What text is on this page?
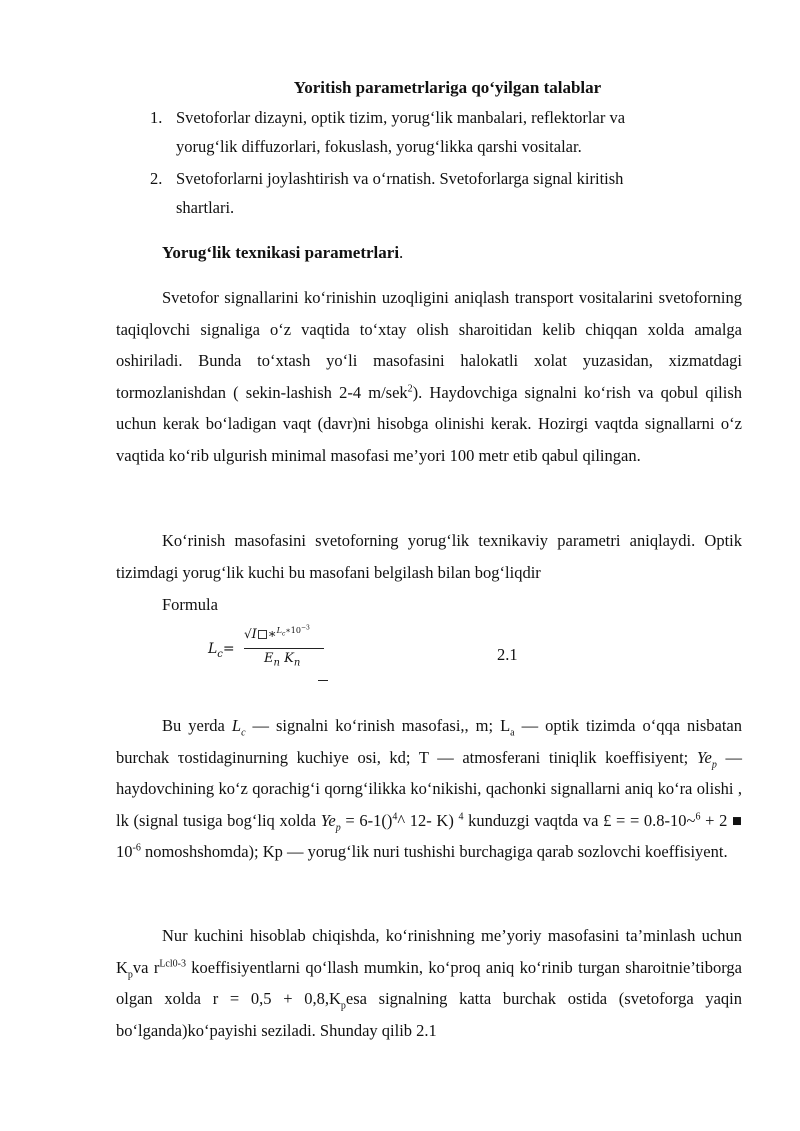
Yoritish parametrlariga qo‘yilgan talablar
1. Svetoforlar dizayni, optik tizim, yorug‘lik manbalari, reflektorlar va
yorug‘lik diffuzorlari, fokuslash, yorug‘likka qarshi vositalar.
2. Svetoforlarni joylashtirish va o‘rnatish. Svetoforlarga signal kiritish
shartlari.
Yorug‘lik texnikasi parametrlari.
Svetofor signallarini ko‘rinishin uzoqligini aniqlash transport vositalarini svetoforning taqiqlovchi signaliga o‘z vaqtida to‘xtay olish sharoitidan kelib chiqqan xolda amalga oshiriladi. Bunda to‘xtash yo‘li masofasini halokatli xolat yuzasidan, xizmatdagi tormozlanishdan ( sekin-lashish 2-4 m/sek$^2$). Haydovchiga signalni ko‘rish va qobul qilish uchun kerak bo‘ladigan vaqt (davr)ni hisobga olinishi kerak. Hozirgi vaqtda signallarni o‘z vaqtida ko‘rib ulgurish minimal masofasi me’yori 100 metr etib qabul qilingan.
Ko‘rinish masofasini svetoforning yorug‘lik texnikaviy parametri aniqlaydi. Optik tizimdagi yorug‘lik kuchi bu masofani belgilash bilan bog‘liqdir
Formula
$L_c=$
√I ∗$^{L_c∗10^{-3}}$
$E_n$ $K_n$	2.1
Bu yerda $L_c$ — signalni ko‘rinish masofasi,, m; $L_a$ — optik tizimda o‘qqa nisbatan burchak τostidaginurning kuchiye osi, kd; T — atmosferani tiniqlik koeffisiyent; $Ye_p$ — haydovchining ko‘z qorachig‘i qorng‘ilikka ko‘nikishi, qachonki signallarni aniq ko‘ra olishi , lk (signal tusiga bog‘liq xolda $Ye_p$ = 6-1()$^4$^ 12- K) $^4$ kunduzgi vaqtda va £ = = 0.8-10~$^6$ + 2 ■ $10^{-6}$ nomoshshomda); Kp — yorug‘lik nuri tushishi burchagiga qarab sozlovchi koeffisiyent.
Nur kuchini hisoblab chiqishda, ko‘rinishning me’yoriy masofasini ta’minlash uchun $K_pva$ $r^{Lcl0-3}$ koeffisiyentlarni qo‘llash mumkin, ko‘proq aniq ko‘rinib turgan sharoitnie’tiborga olgan xolda $r = 0,5 + 0,8,K_pesa$ signalning katta burchak ostida (svetoforga yaqin bo‘lganda)ko‘payishi seziladi. Shunday qilib 2.1
